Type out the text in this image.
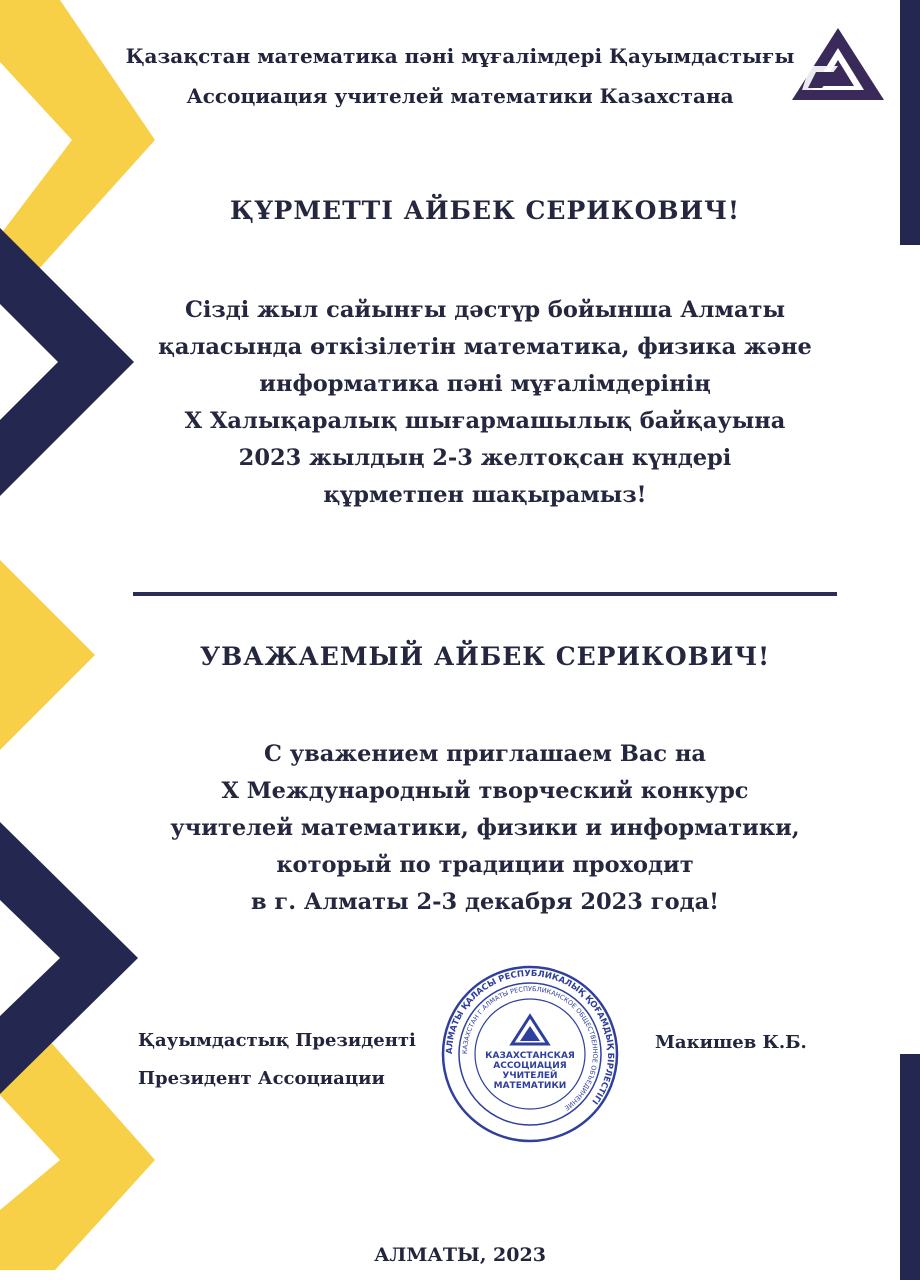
Қазақстан математика пәні мұғалімдері Қауымдастығы
Ассоциация учителей математики Казахстана
ҚҰРМЕТТІ АЙБЕК СЕРИКОВИЧ!
Сізді жыл сайынғы дәстүр бойынша Алматы
қаласында өткізілетін математика, физика және
информатика пәні мұғалімдерінің
X Халықаралық шығармашылық байқауына
2023 жылдың 2-3 желтоқсан күндері
құрметпен шақырамыз!
УВАЖАЕМЫЙ АЙБЕК СЕРИКОВИЧ!
С уважением приглашаем Вас на
X Международный творческий конкурс
учителей математики, физики и информатики,
который по традиции проходит
в г. Алматы 2-3 декабря 2023 года!
Қауымдастық Президенті
Президент Ассоциации
Макишев К.Б.
АЛМАТЫ ҚАЛАСЫ РЕСПУБЛИКАЛЫҚ ҚОҒАМДЫҚ БІРЛЕСТІГІ
КАЗАХСТАН Г.АЛМАТЫ РЕСПУБЛИКАНСКОЕ ОБЩЕСТВЕННОЕ ОБЪЕДИНЕНИЕ
КАЗАХСТАНСКАЯ
АССОЦИАЦИЯ
УЧИТЕЛЕЙ
МАТЕМАТИКИ
АЛМАТЫ, 2023
